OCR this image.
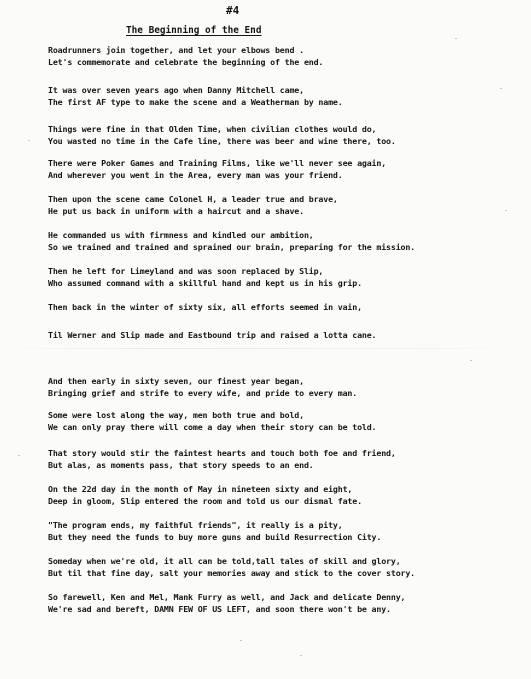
#4
The Beginning of the End
Roadrunners join together, and let your elbows bend .
Let's commemorate and celebrate the beginning of the end.
It was over seven years ago when Danny Mitchell came,
The first AF type to make the scene and a Weatherman by name.
Things were fine in that Olden Time, when civilian clothes would do,
You wasted no time in the Cafe line, there was beer and wine there, too.
There were Poker Games and Training Films, like we'll never see again,
And wherever you went in the Area, every man was your friend.
Then upon the scene came Colonel H, a leader true and brave,
He put us back in uniform with a haircut and a shave.
He commanded us with firmness and kindled our ambition,
So we trained and trained and sprained our brain, preparing for the mission.
Then he left for Limeyland and was soon replaced by Slip,
Who assumed command with a skillful hand and kept us in his grip.
Then back in the winter of sixty six, all efforts seemed in vain,
Til Werner and Slip made and Eastbound trip and raised a lotta cane.
And then early in sixty seven, our finest year began,
Bringing grief and strife to every wife, and pride to every man.
Some were lost along the way, men both true and bold,
We can only pray there will come a day when their story can be told.
That story would stir the faintest hearts and touch both foe and friend,
But alas, as moments pass, that story speeds to an end.
On the 22d day in the month of May in nineteen sixty and eight,
Deep in gloom, Slip entered the room and told us our dismal fate.
"The program ends, my faithful friends", it really is a pity,
But they need the funds to buy more guns and build Resurrection City.
Someday when we're old, it all can be told,tall tales of skill and glory,
But til that fine day, salt your memories away and stick to the cover story.
So farewell, Ken and Mel, Mank Furry as well, and Jack and delicate Denny,
We're sad and bereft, DAMN FEW OF US LEFT, and soon there won't be any.
